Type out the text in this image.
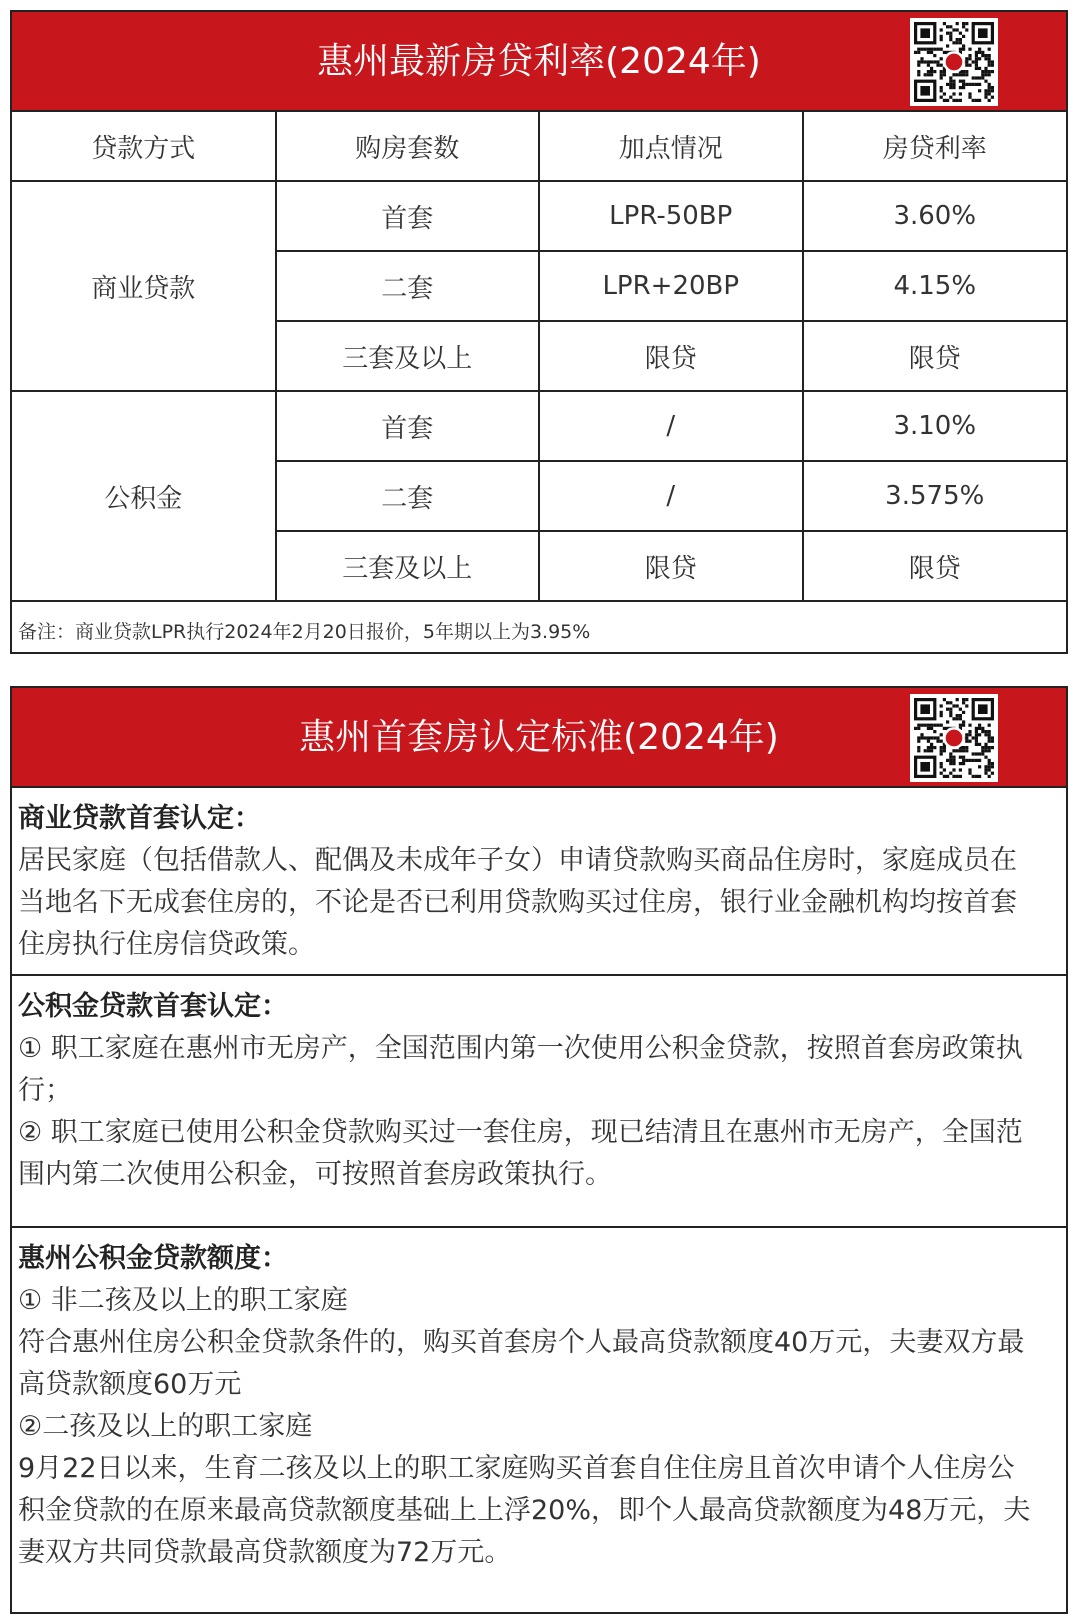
惠州最新房贷利率(2024年)
贷款方式	购房套数	加点情况	房贷利率
商业贷款	首套	LPR-50BP	3.60%
	二套	LPR+20BP	4.15%
	三套及以上	限贷	限贷
公积金	首套	/	3.10%
	二套	/	3.575%
	三套及以上	限贷	限贷
备注：商业贷款LPR执行2024年2月20日报价，5年期以上为3.95%			
惠州首套房认定标准(2024年)
商业贷款首套认定：
居民家庭（包括借款人、配偶及未成年子女）申请贷款购买商品住房时，家庭成员在
当地名下无成套住房的，不论是否已利用贷款购买过住房，银行业金融机构均按首套
住房执行住房信贷政策。
公积金贷款首套认定：
① 职工家庭在惠州市无房产，全国范围内第一次使用公积金贷款，按照首套房政策执
行；
② 职工家庭已使用公积金贷款购买过一套住房，现已结清且在惠州市无房产，全国范
围内第二次使用公积金，可按照首套房政策执行。
惠州公积金贷款额度：
① 非二孩及以上的职工家庭
符合惠州住房公积金贷款条件的，购买首套房个人最高贷款额度40万元，夫妻双方最
高贷款额度60万元
②二孩及以上的职工家庭
9月22日以来，生育二孩及以上的职工家庭购买首套自住住房且首次申请个人住房公
积金贷款的在原来最高贷款额度基础上上浮20%，即个人最高贷款额度为48万元，夫
妻双方共同贷款最高贷款额度为72万元。
